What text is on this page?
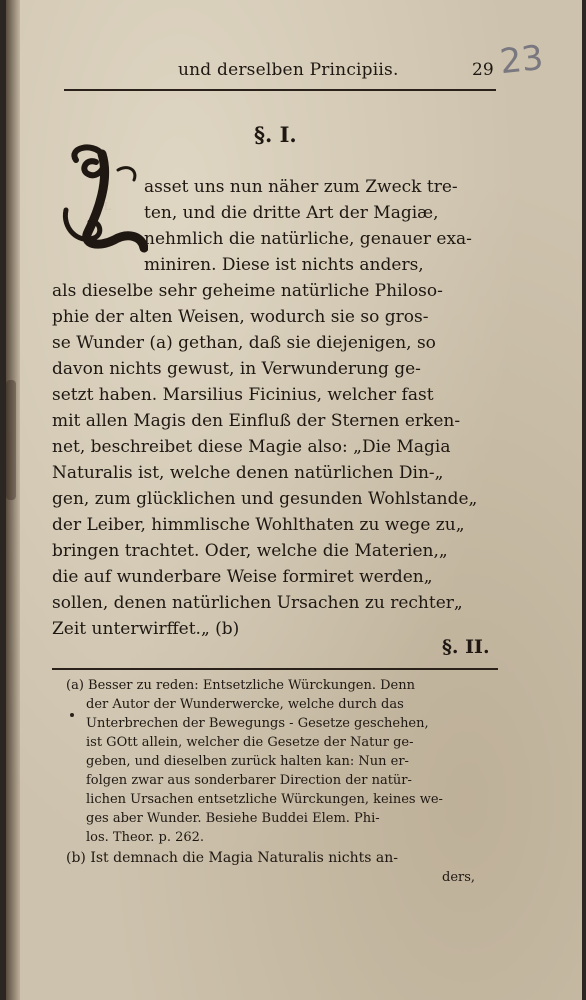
und derselben Principiis.	29 23
§. I.
L
asset uns nun näher zum Zweck tre-
ten, und die dritte Art der Magiæ,
nehmlich die natürliche, genauer exa-
miniren. Diese ist nichts anders,
als dieselbe sehr geheime natürliche Philoso-
phie der alten Weisen, wodurch sie so gros-
se Wunder (a) gethan, daß sie diejenigen, so
davon nichts gewust, in Verwunderung ge-
setzt haben. Marsilius Ficinius, welcher fast
mit allen Magis den Einfluß der Sternen erken-
net, beschreibet diese Magie also: „Die Magia
Naturalis ist, welche denen natürlichen Din-„
gen, zum glücklichen und gesunden Wohlstande„
der Leiber, himmlische Wohlthaten zu wege zu„
bringen trachtet. Oder, welche die Materien,„
die auf wunderbare Weise formiret werden„
sollen, denen natürlichen Ursachen zu rechter„
Zeit unterwirffet.„ (b)
§. II.
(a) Besser zu reden: Entsetzliche Würckungen. Denn
der Autor der Wunderwercke, welche durch das
Unterbrechen der Bewegungs - Gesetze geschehen,
ist GOtt allein, welcher die Gesetze der Natur ge-
geben, und dieselben zurück halten kan: Nun er-
folgen zwar aus sonderbarer Direction der natür-
lichen Ursachen entsetzliche Würckungen, keines we-
ges aber Wunder. Besiehe Buddei Elem. Phi-
los. Theor. p. 262.
(b) Ist demnach die Magia Naturalis nichts an-
ders,
